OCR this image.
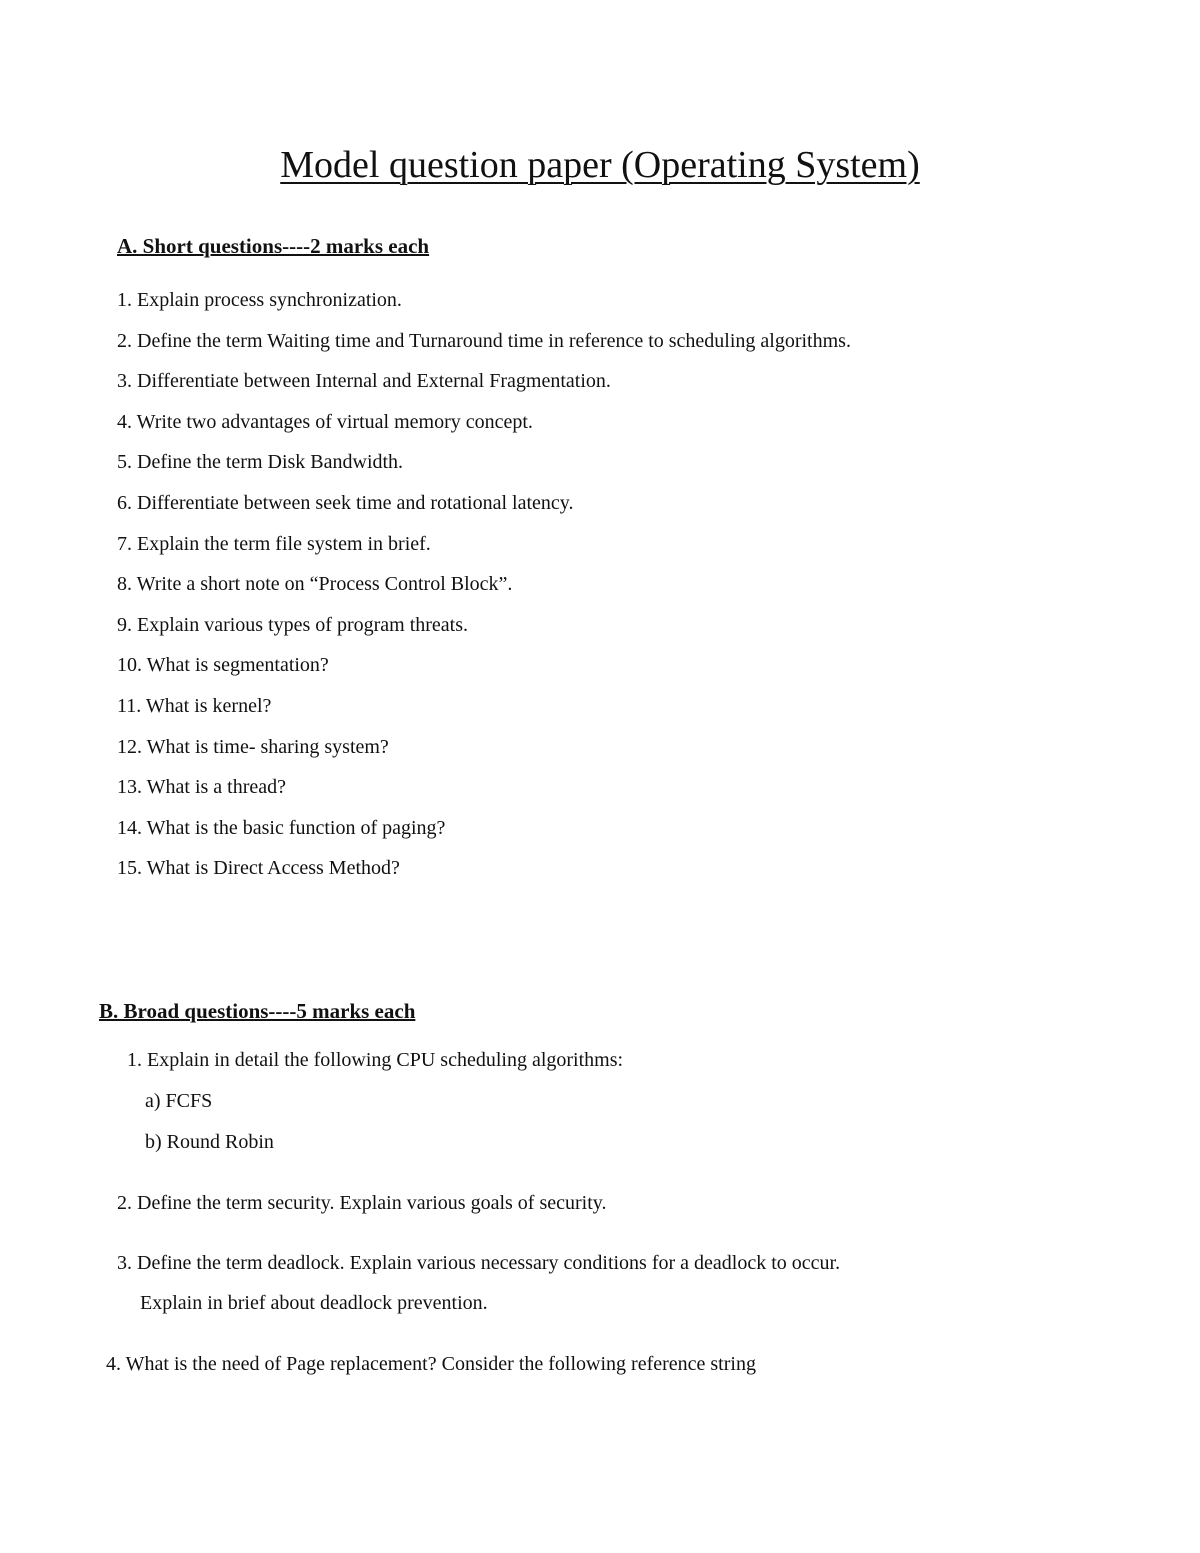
Model question paper (Operating System)
A. Short questions----2 marks each
1. Explain process synchronization.
2. Define the term Waiting time and Turnaround time in reference to scheduling algorithms.
3. Differentiate between Internal and External Fragmentation.
4. Write two advantages of virtual memory concept.
5. Define the term Disk Bandwidth.
6. Differentiate between seek time and rotational latency.
7. Explain the term file system in brief.
8. Write a short note on “Process Control Block”.
9. Explain various types of program threats.
10. What is segmentation?
11. What is kernel?
12. What is time- sharing system?
13. What is a thread?
14. What is the basic function of paging?
15. What is Direct Access Method?
B. Broad questions----5 marks each
1. Explain in detail the following CPU scheduling algorithms:
a) FCFS
b) Round Robin
2. Define the term security. Explain various goals of security.
3. Define the term deadlock. Explain various necessary conditions for a deadlock to occur.
Explain in brief about deadlock prevention.
4. What is the need of Page replacement? Consider the following reference string
